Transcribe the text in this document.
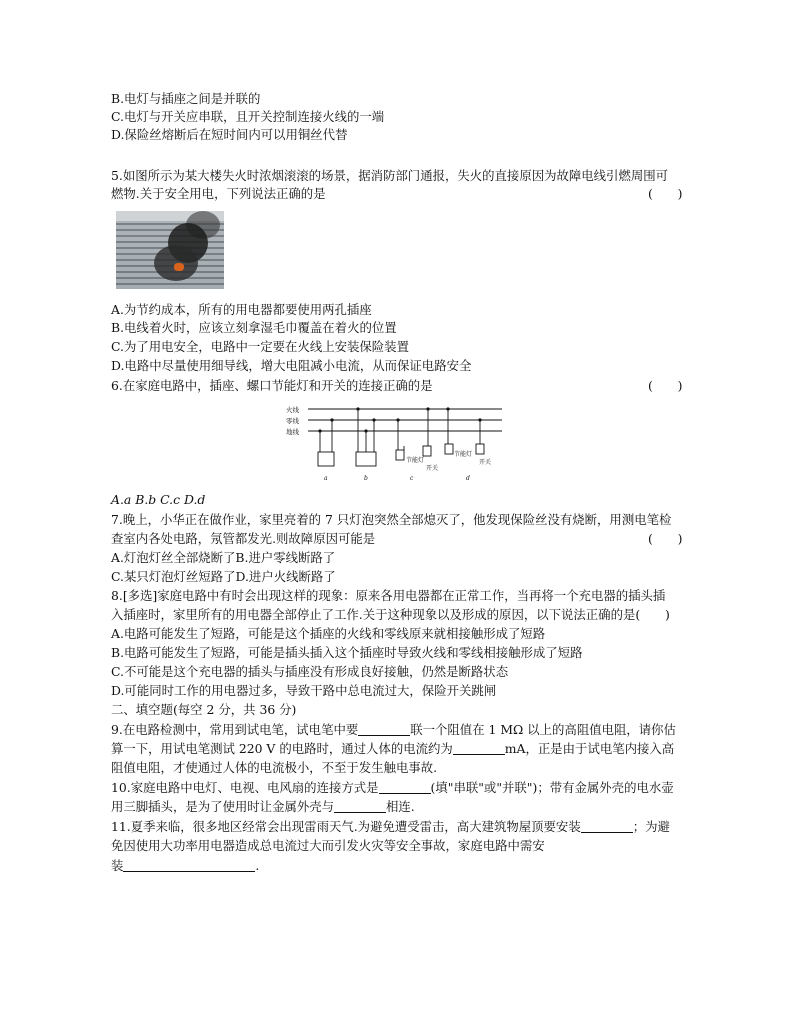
B.电灯与插座之间是并联的
C.电灯与开关应串联，且开关控制连接火线的一端
D.保险丝熔断后在短时间内可以用铜丝代替
5.如图所示为某大楼失火时浓烟滚滚的场景，据消防部门通报，失火的直接原因为故障电线引燃周围可
燃物.关于安全用电，下列说法正确的是	(　　)
A.为节约成本，所有的用电器都要使用两孔插座
B.电线着火时，应该立刻拿湿毛巾覆盖在着火的位置
C.为了用电安全，电路中一定要在火线上安装保险装置
D.电路中尽量使用细导线，增大电阻减小电流，从而保证电路安全
6.在家庭电路中，插座、螺口节能灯和开关的连接正确的是	(　　)
火线
零线
地线
节能灯
开关
节能灯
开关
a	b	c	d
A.a B.b C.c D.d
7.晚上，小华正在做作业，家里亮着的 7 只灯泡突然全部熄灭了，他发现保险丝没有烧断，用测电笔检
查室内各处电路，氖管都发光.则故障原因可能是	(　　)
A.灯泡灯丝全部烧断了B.进户零线断路了
C.某只灯泡灯丝短路了D.进户火线断路了
8.[多选]家庭电路中有时会出现这样的现象：原来各用电器都在正常工作，当再将一个充电器的插头插
入插座时，家里所有的用电器全部停止了工作.关于这种现象以及形成的原因，以下说法正确的是(　　)
A.电路可能发生了短路，可能是这个插座的火线和零线原来就相接触形成了短路
B.电路可能发生了短路，可能是插头插入这个插座时导致火线和零线相接触形成了短路
C.不可能是这个充电器的插头与插座没有形成良好接触，仍然是断路状态
D.可能同时工作的用电器过多，导致干路中总电流过大，保险开关跳闸
二、填空题(每空 2 分，共 36 分)
9.在电路检测中，常用到试电笔，试电笔中要	联一个阻值在 1 MΩ 以上的高阻值电阻，请你估
算一下，用试电笔测试 220 V 的电路时，通过人体的电流约为	mA，正是由于试电笔内接入高
阻值电阻，才使通过人体的电流极小，不至于发生触电事故.
10.家庭电路中电灯、电视、电风扇的连接方式是	(填"串联"或"并联")；带有金属外壳的电水壶
用三脚插头，是为了使用时让金属外壳与	相连.
11.夏季来临，很多地区经常会出现雷雨天气.为避免遭受雷击，高大建筑物屋顶要安装	；为避
免因使用大功率用电器造成总电流过大而引发火灾等安全事故，家庭电路中需安
装	.
